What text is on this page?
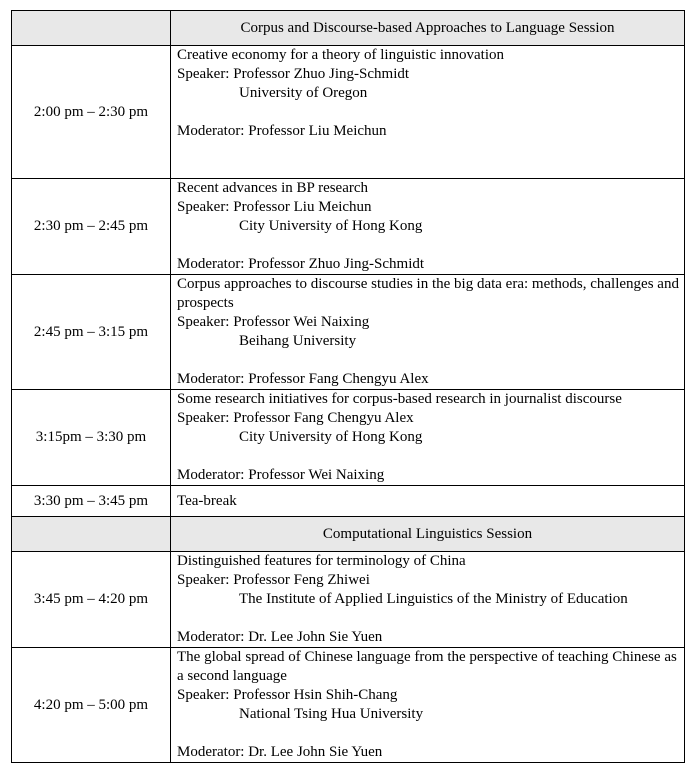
	Corpus and Discourse-based Approaches to Language Session
2:00 pm – 2:30 pm	Creative economy for a theory of linguistic innovation
Speaker: Professor Zhuo Jing-Schmidt
University of Oregon
Moderator: Professor Liu Meichun

2:30 pm – 2:45 pm	Recent advances in BP research
Speaker: Professor Liu Meichun
City University of Hong Kong
Moderator: Professor Zhuo Jing-Schmidt

2:45 pm – 3:15 pm	Corpus approaches to discourse studies in the big data era: methods, challenges and prospects
Speaker: Professor Wei Naixing
Beihang University
Moderator: Professor Fang Chengyu Alex

3:15pm – 3:30 pm	Some research initiatives for corpus-based research in journalist discourse
Speaker: Professor Fang Chengyu Alex
City University of Hong Kong
Moderator: Professor Wei Naixing

3:30 pm – 3:45 pm	Tea-break
	Computational Linguistics Session
3:45 pm – 4:20 pm	Distinguished features for terminology of China
Speaker: Professor Feng Zhiwei
The Institute of Applied Linguistics of the Ministry of Education
Moderator: Dr. Lee John Sie Yuen

4:20 pm – 5:00 pm	The global spread of Chinese language from the perspective of teaching Chinese as a second language
Speaker: Professor Hsin Shih-Chang
National Tsing Hua University
Moderator: Dr. Lee John Sie Yuen
